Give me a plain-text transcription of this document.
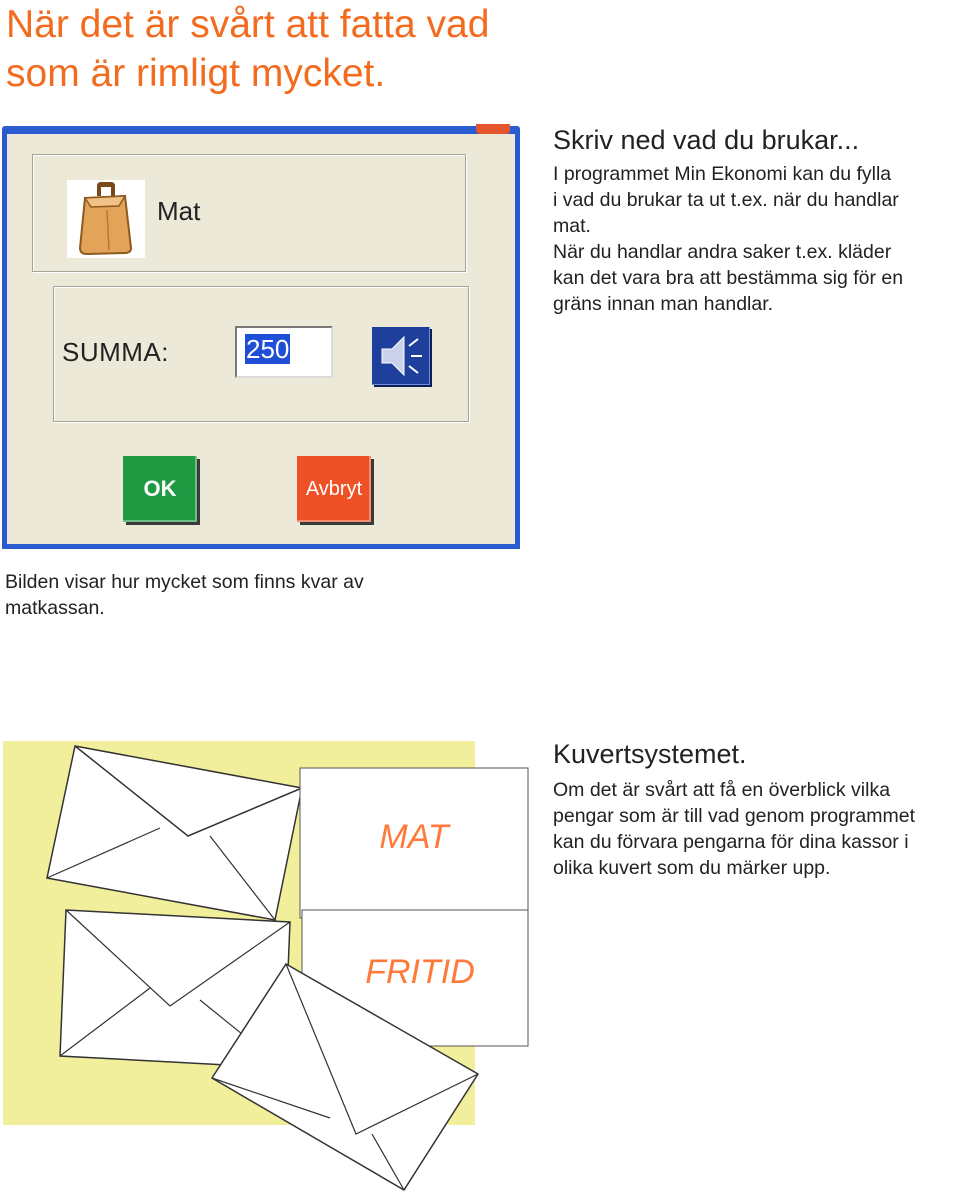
När det är svårt att fatta vad
som är rimligt mycket.
Mat
SUMMA:	250
OK	Avbryt
Skriv ned vad du brukar...
I programmet Min Ekonomi kan du fylla
i vad du brukar ta ut t.ex. när du handlar
mat.
När du handlar andra saker t.ex. kläder
kan det vara bra att bestämma sig för en
gräns innan man handlar.
Bilden visar hur mycket som finns kvar av
matkassan.
MAT
FRITID
Kuvertsystemet.
Om det är svårt att få en överblick vilka
pengar som är till vad genom programmet
kan du förvara pengarna för dina kassor i
olika kuvert som du märker upp.
